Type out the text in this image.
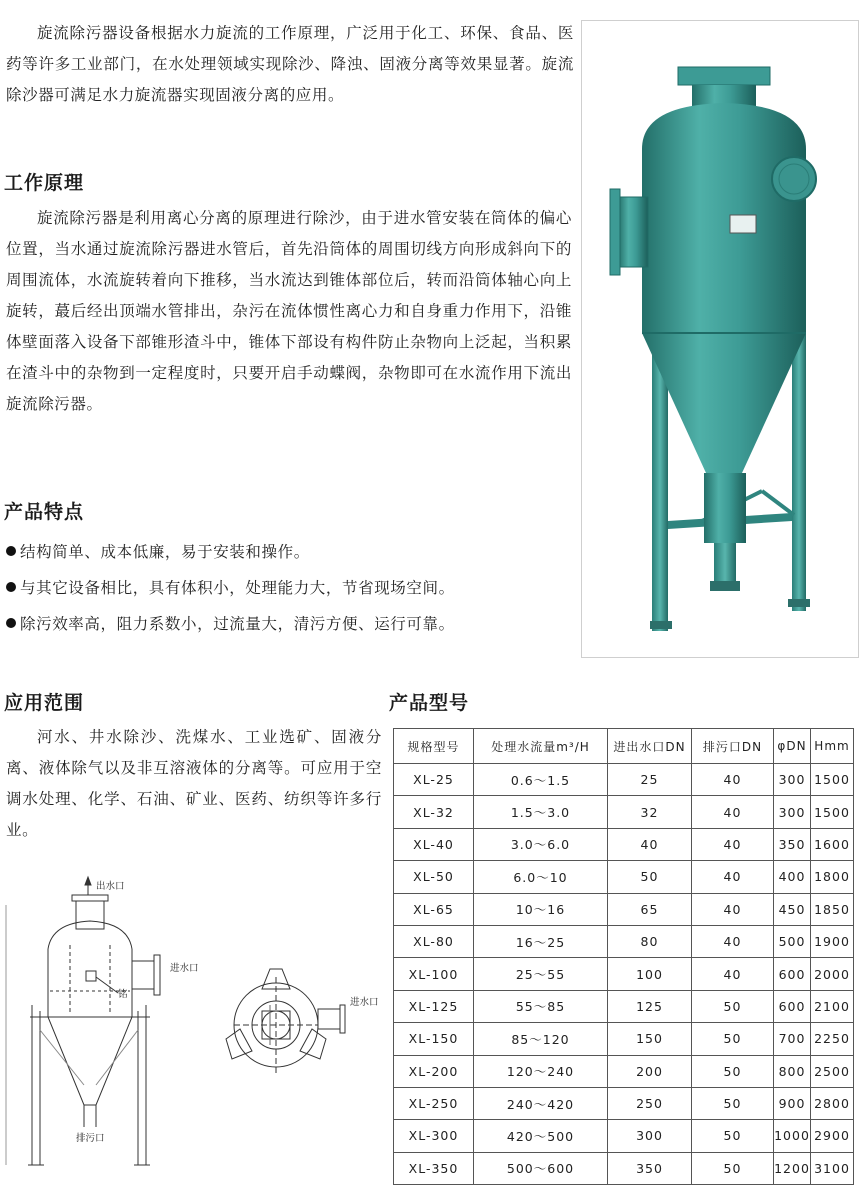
旋流除污器设备根据水力旋流的工作原理，广泛用于化工、环保、食品、医药等许多工业部门，在水处理领域实现除沙、降浊、固液分离等效果显著。旋流除沙器可满足水力旋流器实现固液分离的应用。
工作原理
旋流除污器是利用离心分离的原理进行除沙，由于进水管安装在筒体的偏心位置，当水通过旋流除污器进水管后，首先沿筒体的周围切线方向形成斜向下的周围流体，水流旋转着向下推移，当水流达到锥体部位后，转而沿筒体轴心向上旋转，蕞后经出顶端水管排出，杂污在流体惯性离心力和自身重力作用下，沿锥体壁面落入设备下部锥形渣斗中，锥体下部设有构件防止杂物向上泛起，当积累在渣斗中的杂物到一定程度时，只要开启手动蝶阀，杂物即可在水流作用下流出旋流除污器。
产品特点
结构简单、成本低廉，易于安装和操作。
与其它设备相比，具有体积小，处理能力大，节省现场空间。
除污效率高，阻力系数小，过流量大，清污方便、运行可靠。
应用范围
河水、井水除沙、洗煤水、工业选矿、固液分离、液体除气以及非互溶液体的分离等。可应用于空调水处理、化学、石油、矿业、医药、纺织等许多行业。
产品型号
规格型号	处理水流量m³/H	进出水口DN	排污口DN	φDN	Hmm
XL-25	0.6～1.5	25	40	300	1500
XL-32	1.5～3.0	32	40	300	1500
XL-40	3.0～6.0	40	40	350	1600
XL-50	6.0～10	50	40	400	1800
XL-65	10～16	65	40	450	1850
XL-80	16～25	80	40	500	1900
XL-100	25～55	100	40	600	2000
XL-125	55～85	125	50	600	2100
XL-150	85～120	150	50	700	2250
XL-200	120～240	200	50	800	2500
XL-250	240～420	250	50	900	2800
XL-300	420～500	300	50	1000	2900
XL-350	500～600	350	50	1200	3100
出水口
进水口
铭
排污口
进水口
